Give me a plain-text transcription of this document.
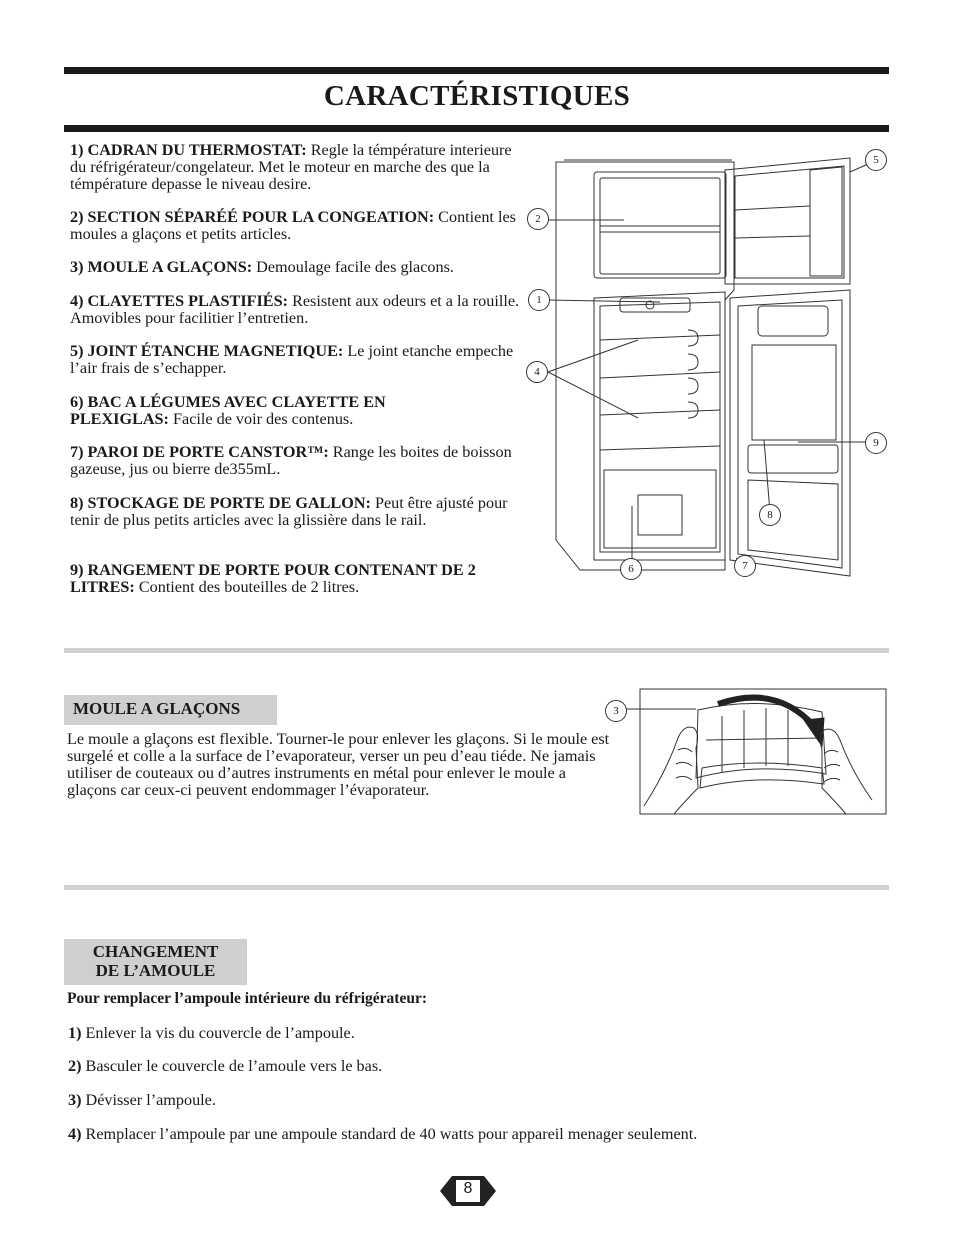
CARACTÉRISTIQUES
1) CADRAN DU THERMOSTAT: Regle la témpérature interieure du réfrigérateur/congelateur. Met le moteur en marche des que la témpérature depasse le niveau desire.
2) SECTION SÉPARÉÉ POUR LA CONGEATION: Contient les moules a glaçons et petits articles.
3) MOULE A GLAÇONS: Demoulage facile des glacons.
4) CLAYETTES PLASTIFIÉS: Resistent aux odeurs et a la rouille. Amovibles pour facilitier l’entretien.
5) JOINT ÉTANCHE MAGNETIQUE: Le joint etanche empeche l’air frais de s’echapper.
6) BAC A LÉGUMES AVEC CLAYETTE EN PLEXIGLAS: Facile de voir des contenus.
7) PAROI DE PORTE CANSTOR™: Range les boites de boisson gazeuse, jus ou bierre de355mL.
8) STOCKAGE DE PORTE DE GALLON: Peut être ajusté pour tenir de plus petits articles avec la glissière dans le rail.
9) RANGEMENT DE PORTE POUR CONTENANT DE 2 LITRES: Contient des bouteilles de 2 litres.
5
2
1
4
9
8
7
6
MOULE A GLAÇONS
Le moule a glaçons est flexible. Tourner-le pour enlever les glaçons. Si le moule est surgelé et colle a la surface de l’evaporateur, verser un peu d’eau tiéde. Ne jamais utiliser de couteaux ou d’autres instruments en métal pour enlever le moule a glaçons car ceux-ci peuvent endommager l’évaporateur.
3
CHANGEMENT
DE L’AMOULE
Pour remplacer l’ampoule intérieure du réfrigérateur:
1) Enlever la vis du couvercle de l’ampoule.
2) Basculer le couvercle de l’amoule vers le bas.
3) Dévisser l’ampoule.
4) Remplacer l’ampoule par une ampoule standard de 40 watts pour appareil menager seulement.
8
